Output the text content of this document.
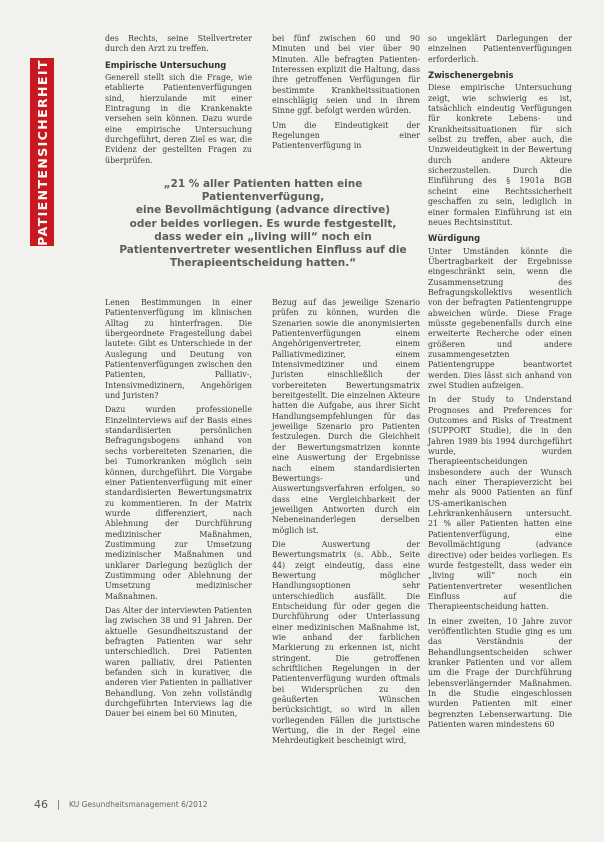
PATIENTENSICHERHEIT

des Rechts, seine Stellvertreter durch den Arzt zu treffen.

Empirische Untersuchung

Generell stellt sich die Frage, wie etablierte Patientenverfügungen sind, hierzulande mit einer Eintragung in die Krankenakte versehen sein können. Dazu wurde eine empirische Untersuchung durchgeführt, deren Ziel es war, die Evidenz der gestellten Fragen zu überprüfen.

bei fünf zwischen 60 und 90 Minuten und bei vier über 90 Minuten. Alle befragten Patienten-Interessen explizit die Haltung, dass ihre getroffenen Verfügungen für bestimmte Krankheitssituationen einschlägig seien und in ihrem Sinne ggf. befolgt werden würden.

Um die Eindeutigkeit der Regelungen einer Patientenverfügung in

„21 % aller Patienten hatten eine Patientenverfügung,
eine Bevollmächtigung (advance directive)
oder beides vorliegen. Es wurde festgestellt,
dass weder ein „living will“ noch ein
Patientenvertreter wesentlichen Einfluss auf die
Therapieentscheidung hatten.“

Lenen Bestimmungen in einer Patientenverfügung im klinischen Alltag zu hinterfragen. Die übergeordnete Fragestellung dabei lautete: Gibt es Unterschiede in der Auslegung und Deutung von Patientenverfügungen zwischen den Patienten, Palliativ-, Intensivmedizinern, Angehörigen und Juristen?

Dazu wurden professionelle Einzelinterviews auf der Basis eines standardisierten persönlichen Befragungsbogens anhand von sechs vorbereiteten Szenarien, die bei Tumorkranken möglich sein können, durchgeführt. Die Vorgabe einer Patientenverfügung mit einer standardisierten Bewertungsmatrix zu kommentieren. In der Matrix wurde differenziert, nach Ablehnung der Durchführung medizinischer Maßnahmen, Zustimmung zur Umsetzung medizinischer Maßnahmen und unklarer Darlegung bezüglich der Zustimmung oder Ablehnung der Umsetzung medizinischer Maßnahmen.

Das Alter der interviewten Patienten lag zwischen 38 und 91 Jahren. Der aktuelle Gesundheitszustand der befragten Patienten war sehr unterschiedlich. Drei Patienten waren palliativ, drei Patienten befanden sich in kurativer, die anderen vier Patienten in palliativer Behandlung. Von zehn vollständig durchgeführten Interviews lag die Dauer bei einem bei 60 Minuten,

Bezug auf das jeweilige Szenario prüfen zu können, wurden die Szenarien sowie die anonymisierten Patientenverfügungen einem Angehörigenvertreter, einem Palliativmediziner, einem Intensivmediziner und einem Juristen einschließlich der vorbereiteten Bewertungsmatrix bereitgestellt. Die einzelnen Akteure hatten die Aufgabe, aus ihrer Sicht Handlungsempfehlungen für das jeweilige Szenario pro Patienten festzulegen. Durch die Gleichheit der Bewertungsmatrizen konnte eine Auswertung der Ergebnisse nach einem standardisierten Bewertungs- und Auswertungsverfahren erfolgen, so dass eine Vergleichbarkeit der jeweiligen Antworten durch ein Nebeneinanderlegen derselben möglich ist.

Die Auswertung der Bewertungsmatrix (s. Abb., Seite 44) zeigt eindeutig, dass eine Bewertung möglicher Handlungsoptionen sehr unterschiedlich ausfällt. Die Entscheidung für oder gegen die Durchführung oder Unterlassung einer medizinischen Maßnahme ist, wie anhand der farblichen Markierung zu erkennen ist, nicht stringent. Die getroffenen schriftlichen Regelungen in der Patientenverfügung wurden oftmals bei Widersprüchen zu den geäußerten Wünschen berücksichtigt, so wird in allen vorliegenden Fällen die juristische Wertung, die in der Regel eine Mehrdeutigkeit bescheinigt wird,

so ungeklärt Darlegungen der einzelnen Patientenverfügungen erforderlich.

Zwischenergebnis

Diese empirische Untersuchung zeigt, wie schwierig es ist, tatsächlich eindeutig Verfügungen für konkrete Lebens- und Krankheitssituationen für sich selbst zu treffen, aber auch, die Unzweideutigkeit in der Bewertung durch andere Akteure sicherzustellen. Durch die Einführung des § 1901a BGB scheint eine Rechtssicherheit geschaffen zu sein, lediglich in einer formalen Einführung ist ein neues Rechtsinstitut.

Würdigung

Unter Umständen könnte die Übertragbarkeit der Ergebnisse eingeschränkt sein, wenn die Zusammensetzung des Befragungskollektivs wesentlich von der befragten Patientengruppe abweichen würde. Diese Frage müsste gegebenenfalls durch eine erweiterte Recherche oder einen größeren und andere zusammengesetzten Patientengruppe beantwortet werden. Dies lässt sich anhand von zwei Studien aufzeigen.

In der Study to Understand Prognoses and Preferences for Outcomes and Risks of Treatment (SUPPORT Studie), die in den Jahren 1989 bis 1994 durchgeführt wurde, wurden Therapieentscheidungen insbesondere auch der Wunsch nach einer Therapieverzicht bei mehr als 9000 Patienten an fünf US-amerikanischen Lehrkrankenhäusern untersucht. 21 % aller Patienten hatten eine Patientenverfügung, eine Bevollmächtigung (advance directive) oder beides vorliegen. Es wurde festgestellt, dass weder ein „living will“ noch ein Patientenvertreter wesentlichen Einfluss auf die Therapieentscheidung hatten.

In einer zweiten, 10 Jahre zuvor veröffentlichten Studie ging es um das Verständnis der Behandlungsentscheiden schwer kranker Patienten und vor allem um die Frage der Durchführung lebensverlängernder Maßnahmen. In die Studie eingeschlossen wurden Patienten mit einer begrenzten Lebenserwartung. Die Patienten waren mindestens 60

46	KU Gesundheitsmanagement 6/2012
